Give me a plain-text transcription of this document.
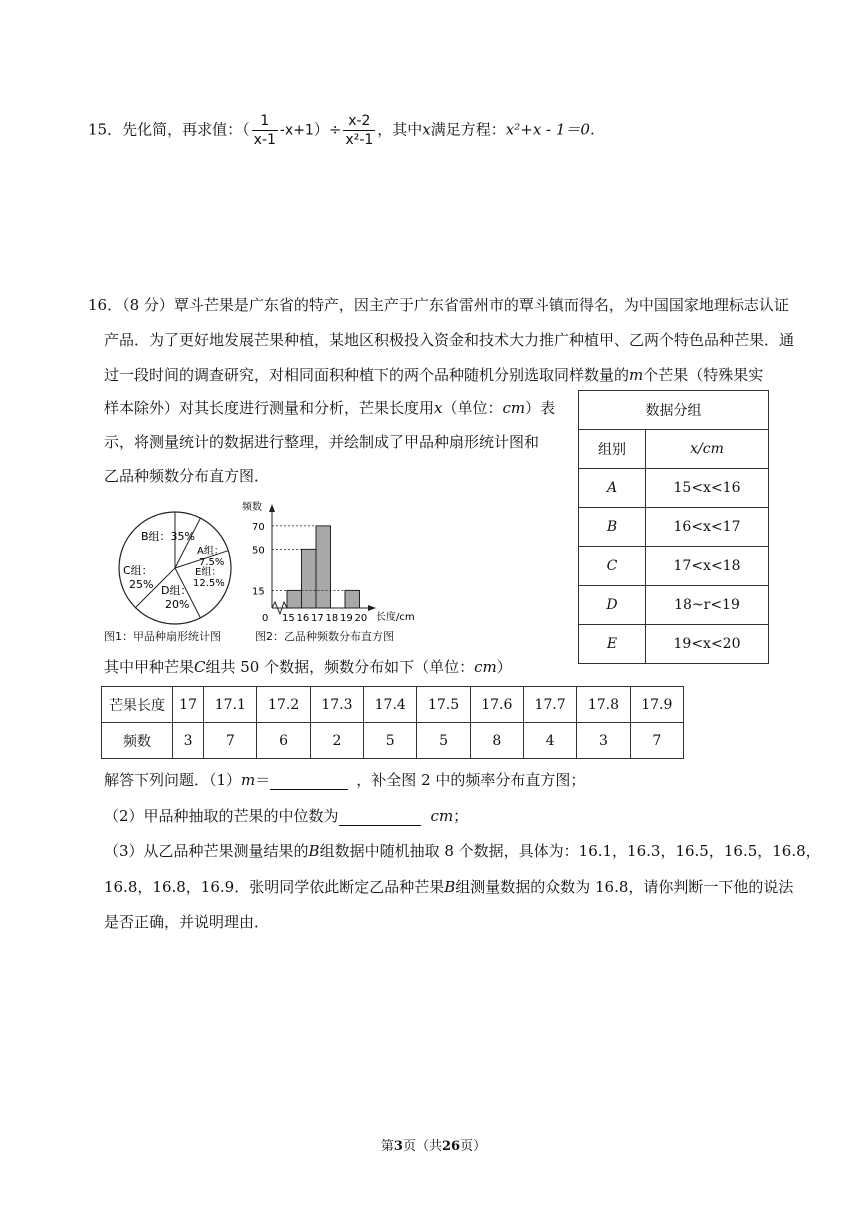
15．先化简，再求值：（ $\frac{1}{x-1} -x+1)\div \frac{x-2}{\text{x²-1}}$ ，其中x满足方程：x²+x - 1＝0.
16．（8 分）覃斗芒果是广东省的特产，因主产于广东省雷州市的覃斗镇而得名，为中国国家地理标志认证
产品．为了更好地发展芒果种植，某地区积极投入资金和技术大力推广种植甲、乙两个特色品种芒果．通
过一段时间的调查研究，对相同面积种植下的两个品种随机分别选取同样数量的m个芒果（特殊果实
样本除外）对其长度进行测量和分析，芒果长度用x（单位：cm）表
示，将测量统计的数据进行整理，并绘制成了甲品种扇形统计图和
乙品种频数分布直方图．
数据分组	
组别	x/cm
A	15<x<16
B	16<x<17
C	17<x<18
D	18~r<19
E	19<x<20
B组：35%
A组：
7.5%
E组：
12.5%
C组：
25% D组：
20%
图1：甲品种扇形统计图
频数
0
15
50
70
15 16 17 18 19 20 长度/cm
图2：乙品种频数分布直方图
其中甲种芒果C组共 50 个数据，频数分布如下（单位：cm）
芒果长度	17	17.1	17.2	17.3	17.4	17.5	17.6	17.7	17.8	17.9
频数	3	7	6	2	5	5	8	4	3	7
解答下列问题．（1）m＝	，补全图 2 中的频率分布直方图；
（2）甲品种抽取的芒果的中位数为	cm；
（3）从乙品种芒果测量结果的B组数据中随机抽取 8 个数据，具体为：16.1，16.3，16.5，16.5，16.8，
16.8，16.8，16.9．张明同学依此断定乙品种芒果B组测量数据的众数为 16.8，请你判断一下他的说法
是否正确，并说明理由．
第3页（共26页）
